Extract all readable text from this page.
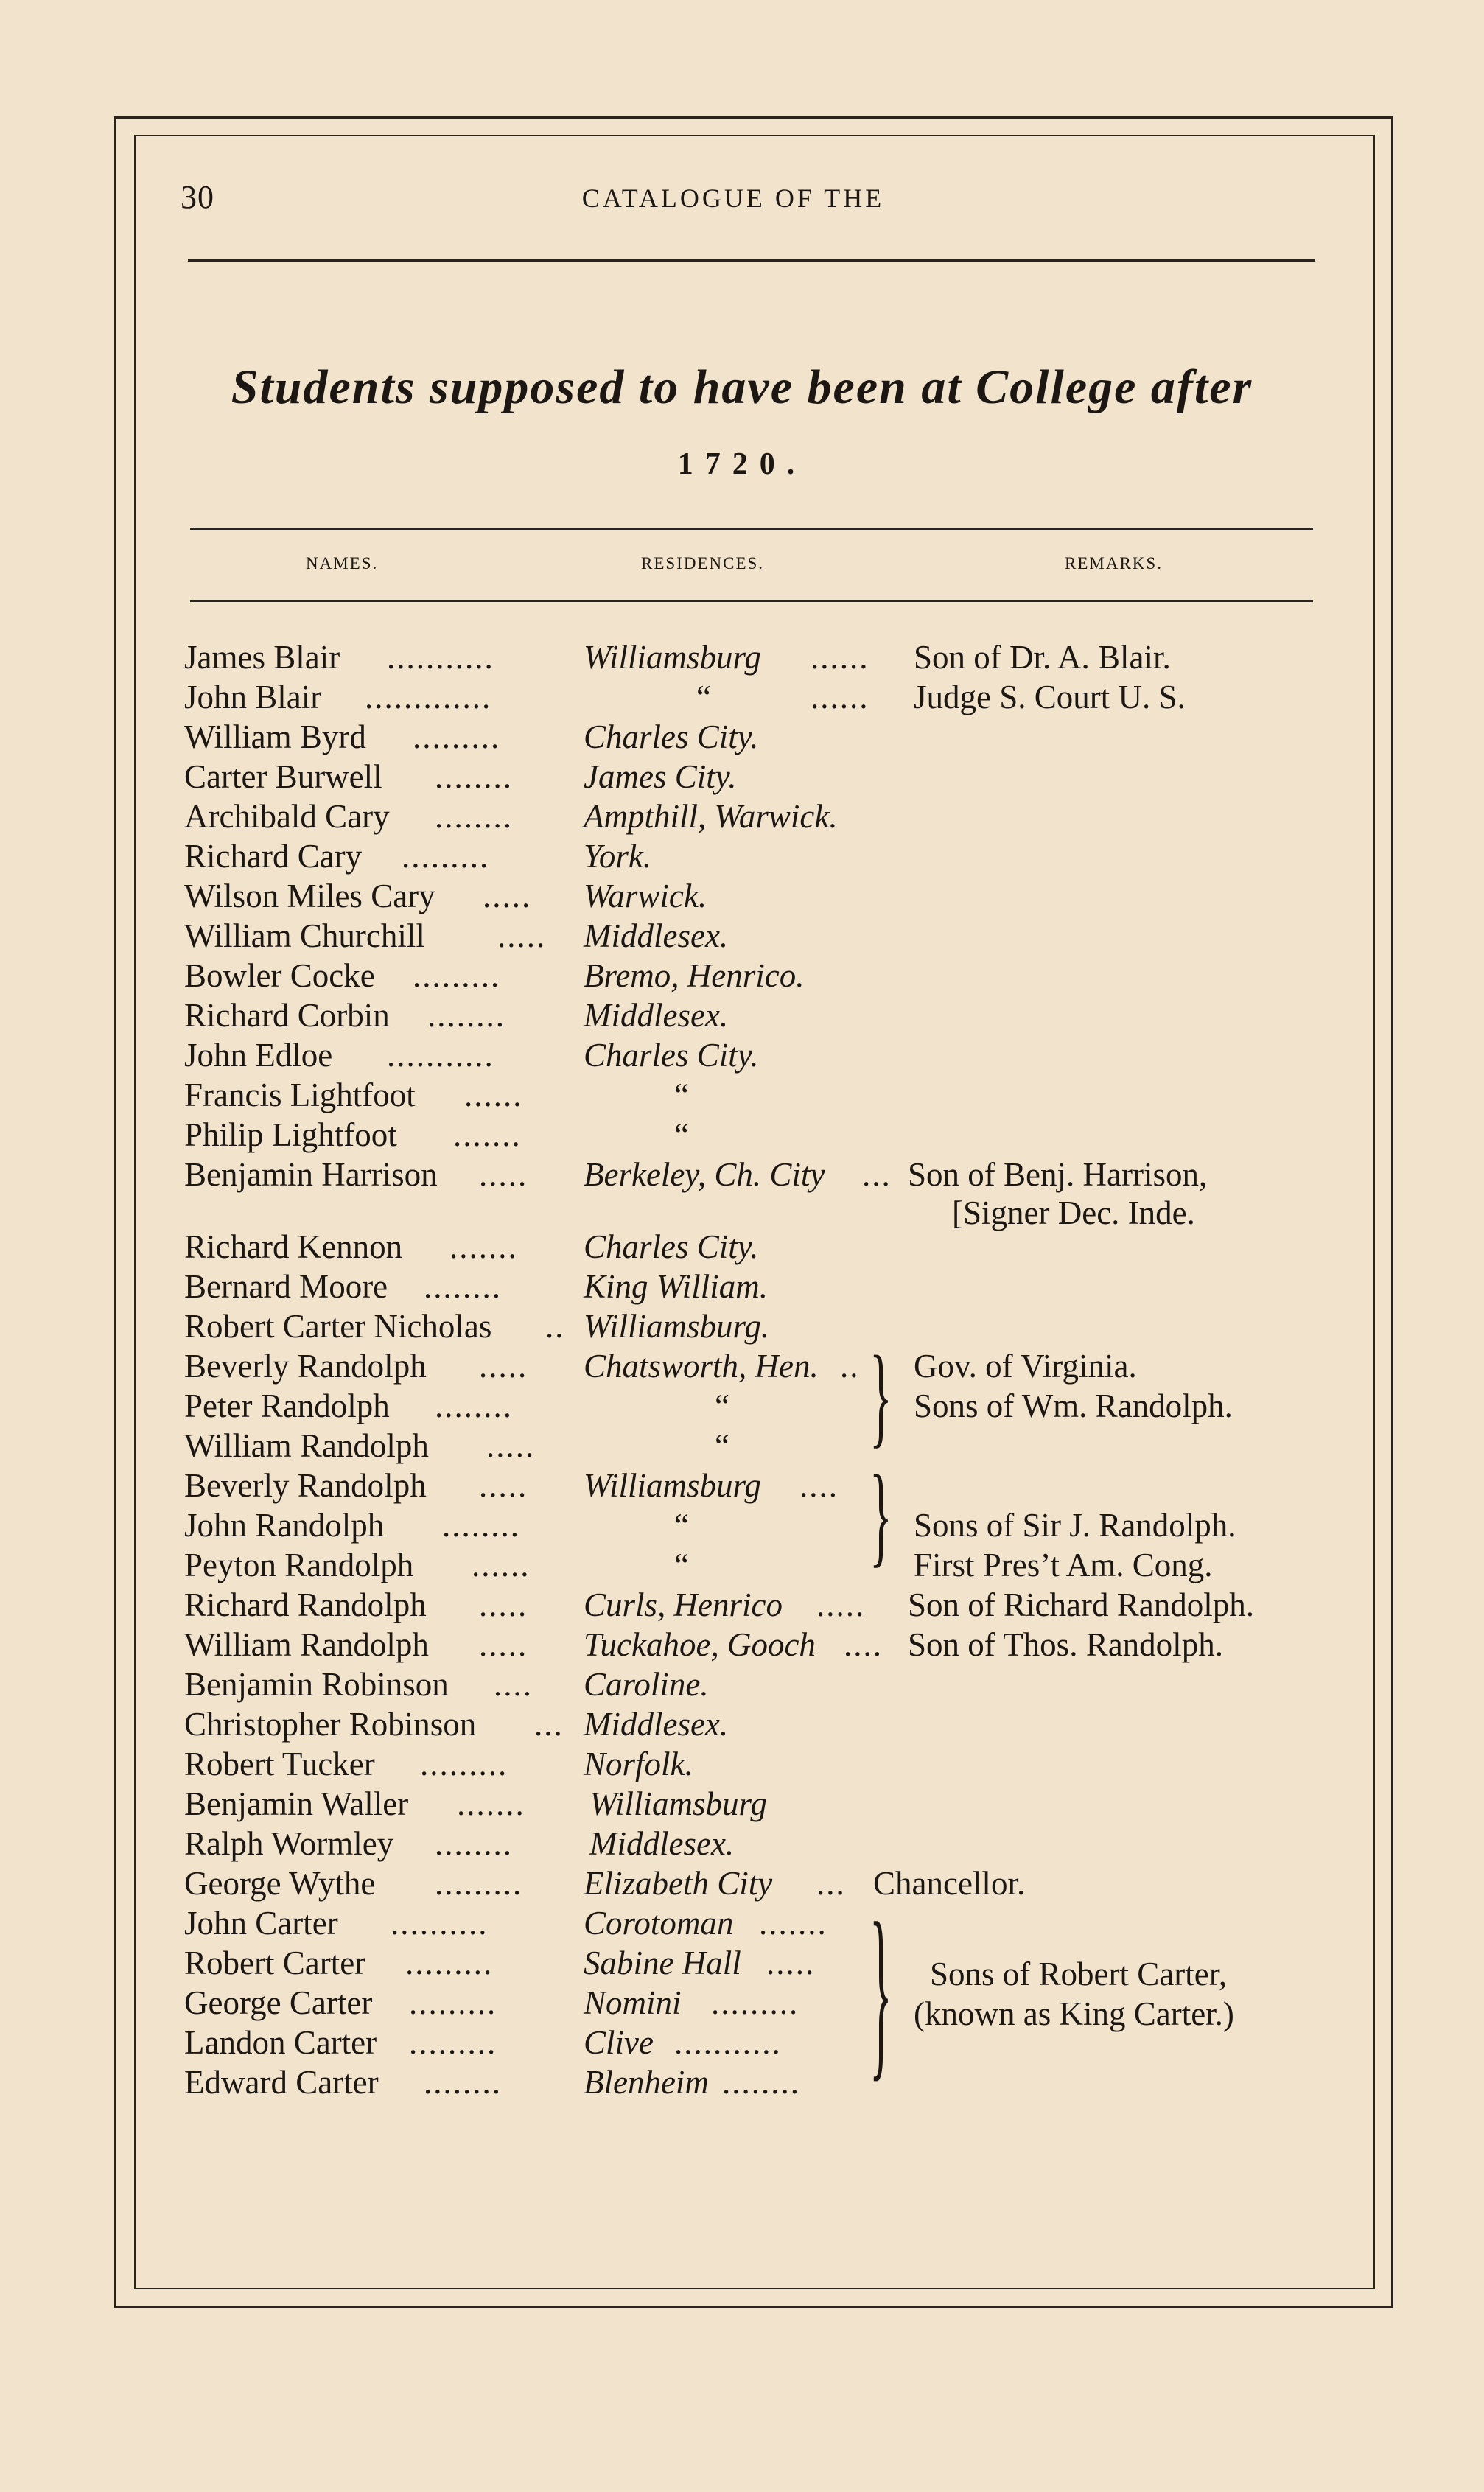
30	CATALOGUE OF THE
Students supposed to have been at College after
1720.
NAMES.	RESIDENCES.	REMARKS.
James Blair ...........	Williamsburg ...... Son of Dr. A. Blair.
John Blair .............	“	...... Judge S. Court U. S.
William Byrd .........	Charles City.
Carter Burwell ........ James City.
Archibald Cary ........ Ampthill, Warwick.
Richard Cary .........	York.
Wilson Miles Cary ..... Warwick.
William Churchill ..... Middlesex.
Bowler Cocke .........	Bremo, Henrico.
Richard Corbin ........ Middlesex.
John Edloe ...........	Charles City.
Francis Lightfoot ......	“
Philip Lightfoot .......	“
Benjamin Harrison ..... Berkeley, Ch. City ... Son of Benj. Harrison,
[Signer Dec. Inde.
Richard Kennon ....... Charles City.
Bernard Moore ........ King William.
Robert Carter Nicholas .. Williamsburg.
Beverly Randolph ..... Chatsworth, Hen. .. Gov. of Virginia.
Peter Randolph ........	“	Sons of Wm. Randolph.
William Randolph .....	“
Beverly Randolph ..... Williamsburg ....
John Randolph ........	“	Sons of Sir J. Randolph.
Peyton Randolph ......	“	First Pres’t Am. Cong.
Richard Randolph ..... Curls, Henrico ..... Son of Richard Randolph.
William Randolph ..... Tuckahoe, Gooch .... Son of Thos. Randolph.
Benjamin Robinson .... Caroline.
Christopher Robinson ... Middlesex.
Robert Tucker ......... Norfolk.
Benjamin Waller ....... Williamsburg
Ralph Wormley ........ Middlesex.
George Wythe ......... Elizabeth City ... Chancellor.
John Carter ..........	Corotoman .......
Robert Carter .........	Sabine Hall .....
George Carter .........	Nomini .........
Landon Carter .........	Clive ...........
Edward Carter ........ Blenheim ........
}
}
} Sons of Robert Carter,
(known as King Carter.)
